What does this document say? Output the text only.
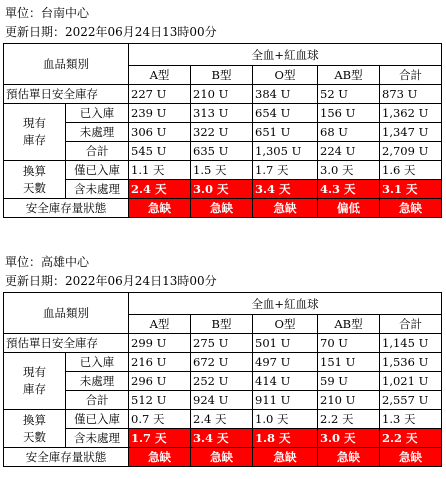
單位：台南中心
更新日期：2022年06月24日13時00分
血品類別		全血+紅血球				
		A型	B型	O型	AB型	合計
預估單日安全庫存		227 U	210 U	384 U	52 U	873 U
現有
庫存	已入庫	239 U	313 U	654 U	156 U	1,362 U
	未處理	306 U	322 U	651 U	68 U	1,347 U
	合計	545 U	635 U	1,305 U	224 U	2,709 U
換算
天數	僅已入庫	1.1 天	1.5 天	1.7 天	3.0 天	1.6 天
	含未處理	2.4 天	3.0 天	3.4 天	4.3 天	3.1 天
安全庫存量狀態		急缺	急缺	急缺	偏低	急缺
單位：高雄中心
更新日期：2022年06月24日13時00分
血品類別		全血+紅血球				
		A型	B型	O型	AB型	合計
預估單日安全庫存		299 U	275 U	501 U	70 U	1,145 U
現有
庫存	已入庫	216 U	672 U	497 U	151 U	1,536 U
	未處理	296 U	252 U	414 U	59 U	1,021 U
	合計	512 U	924 U	911 U	210 U	2,557 U
換算
天數	僅已入庫	0.7 天	2.4 天	1.0 天	2.2 天	1.3 天
	含未處理	1.7 天	3.4 天	1.8 天	3.0 天	2.2 天
安全庫存量狀態		急缺	急缺	急缺	急缺	急缺
